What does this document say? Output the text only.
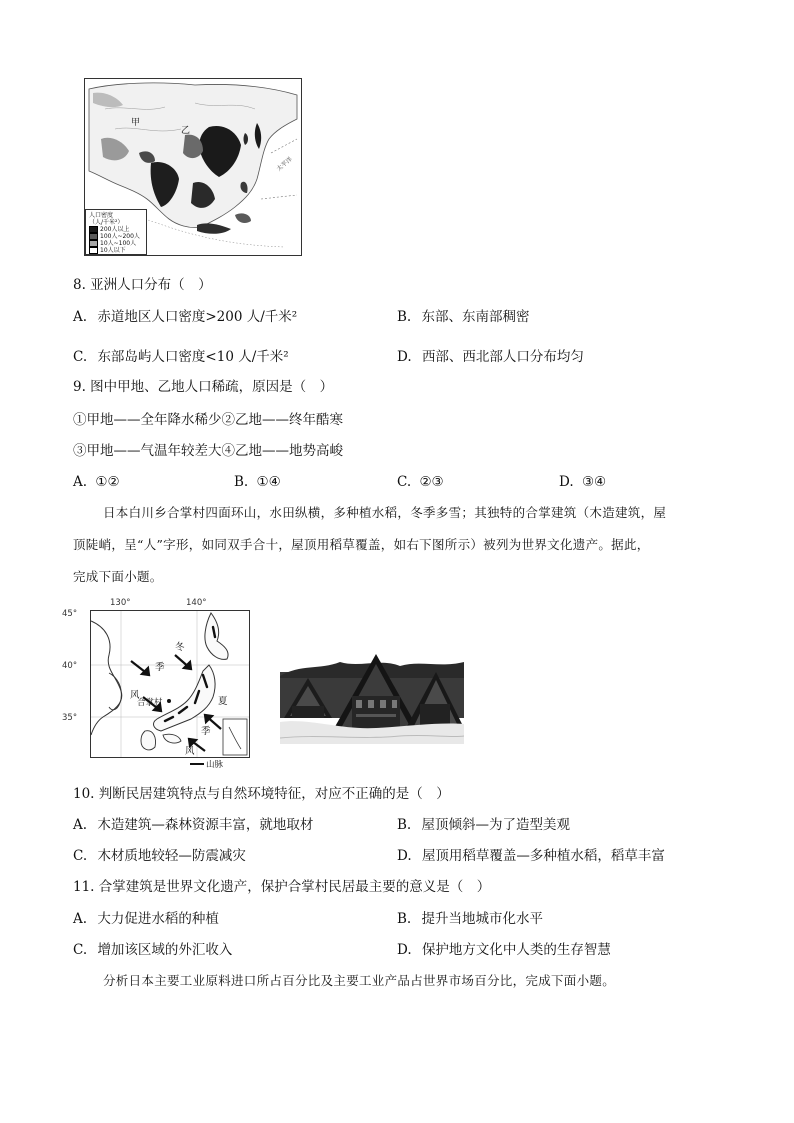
甲
乙
太平洋
人口密度
（人/千米²）
200人以上
100人~200人
10人~100人
10人以下
8. 亚洲人口分布（　）
A. 赤道地区人口密度>200 人/千米²	B. 东部、东南部稠密
C. 东部岛屿人口密度<10 人/千米²	D. 西部、西北部人口分布均匀
9. 图中甲地、乙地人口稀疏，原因是（　）
①甲地——全年降水稀少②乙地——终年酷寒
③甲地——气温年较差大④乙地——地势高峻
A. ①②	B. ①④	C. ②③	D. ③④
日本白川乡合掌村四面环山，水田纵横，多种植水稻，冬季多雪；其独特的合掌建筑（木造建筑，屋
顶陡峭，呈“人”字形，如同双手合十，屋顶用稻草覆盖，如右下图所示）被列为世界文化遗产。据此，
完成下面小题。
130°	140°
45°
40°
35°
冬
季
风
合掌村	夏
季
风
山脉
10. 判断民居建筑特点与自然环境特征，对应不正确的是（　）
A. 木造建筑—森林资源丰富，就地取材	B. 屋顶倾斜—为了造型美观
C. 木材质地较轻—防震减灾	D. 屋顶用稻草覆盖—多种植水稻，稻草丰富
11. 合掌建筑是世界文化遗产，保护合掌村民居最主要的意义是（　）
A. 大力促进水稻的种植	B. 提升当地城市化水平
C. 增加该区域的外汇收入	D. 保护地方文化中人类的生存智慧
分析日本主要工业原料进口所占百分比及主要工业产品占世界市场百分比，完成下面小题。
